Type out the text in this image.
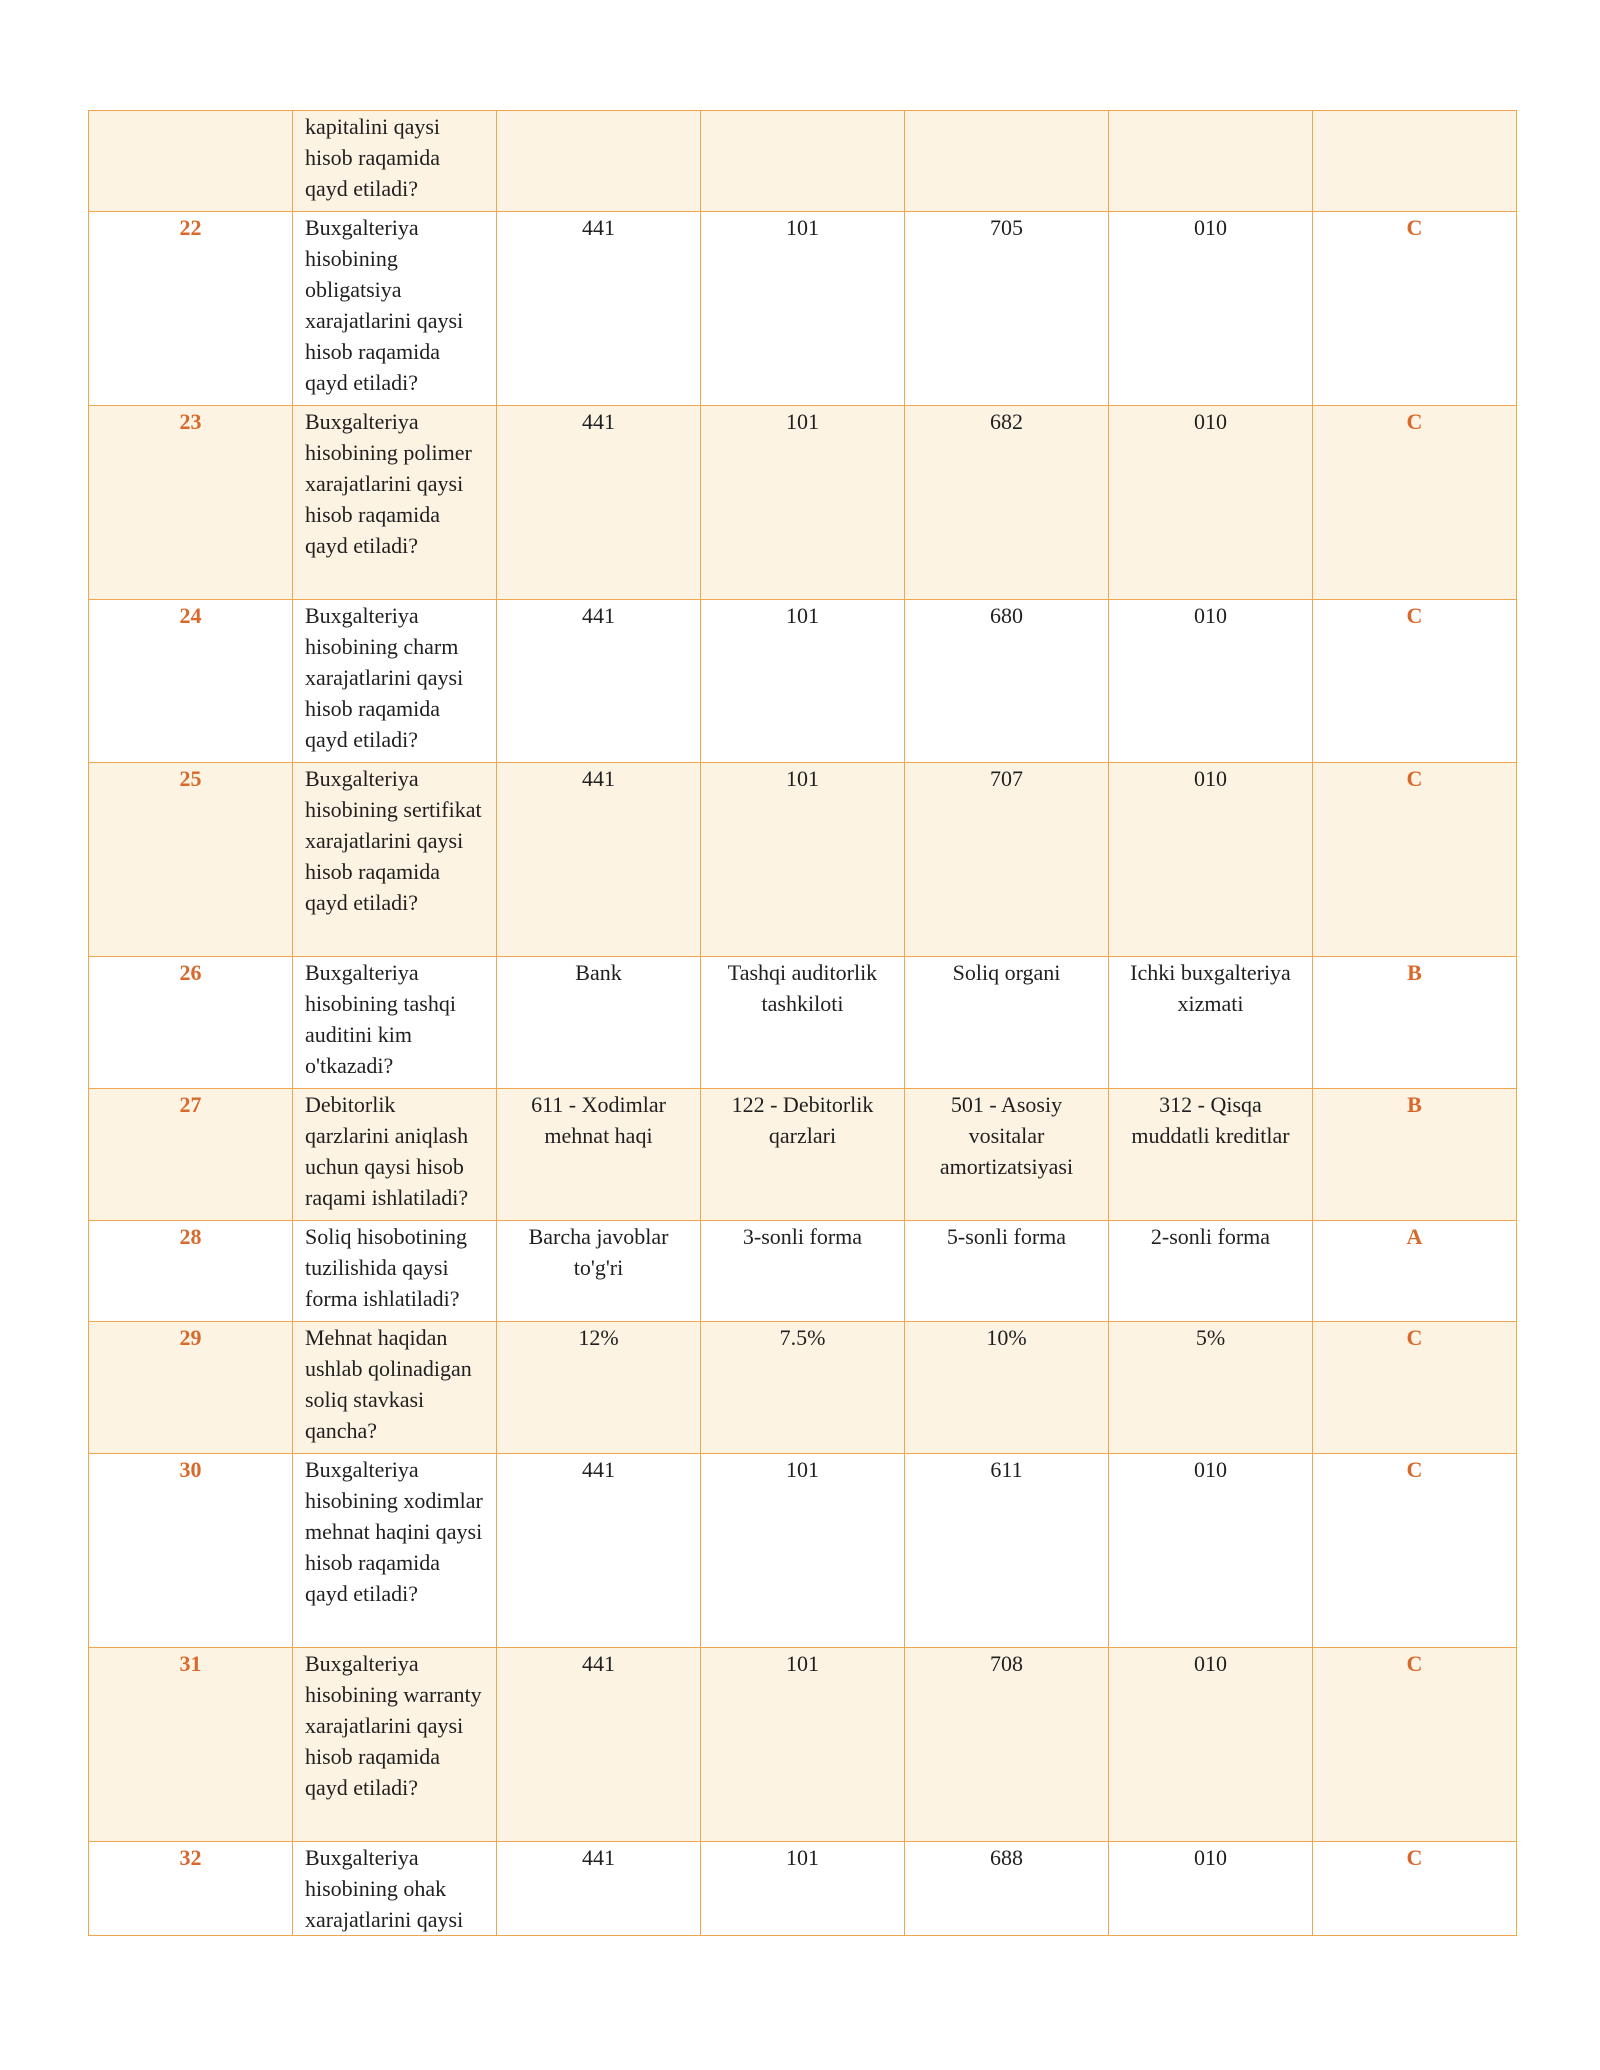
	kapitalini qaysi hisob raqamida qayd etiladi?					
22	Buxgalteriya hisobining obligatsiya xarajatlarini qaysi hisob raqamida qayd etiladi?	441	101	705	010	C
23	Buxgalteriya hisobining polimer xarajatlarini qaysi hisob raqamida qayd etiladi?	441	101	682	010	C
24	Buxgalteriya hisobining charm xarajatlarini qaysi hisob raqamida qayd etiladi?	441	101	680	010	C
25	Buxgalteriya hisobining sertifikat xarajatlarini qaysi hisob raqamida qayd etiladi?	441	101	707	010	C
26	Buxgalteriya hisobining tashqi auditini kim o'tkazadi?	Bank	Tashqi auditorlik tashkiloti	Soliq organi	Ichki buxgalteriya xizmati	B
27	Debitorlik qarzlarini aniqlash uchun qaysi hisob raqami ishlatiladi?	611 - Xodimlar mehnat haqi	122 - Debitorlik qarzlari	501 - Asosiy vositalar amortizatsiyasi	312 - Qisqa muddatli kreditlar	B
28	Soliq hisobotining tuzilishida qaysi forma ishlatiladi?	Barcha javoblar to'g'ri	3-sonli forma	5-sonli forma	2-sonli forma	A
29	Mehnat haqidan ushlab qolinadigan soliq stavkasi qancha?	12%	7.5%	10%	5%	C
30	Buxgalteriya hisobining xodimlar mehnat haqini qaysi hisob raqamida qayd etiladi?	441	101	611	010	C
31	Buxgalteriya hisobining warranty xarajatlarini qaysi hisob raqamida qayd etiladi?	441	101	708	010	C
32	Buxgalteriya hisobining ohak xarajatlarini qaysi	441	101	688	010	C
